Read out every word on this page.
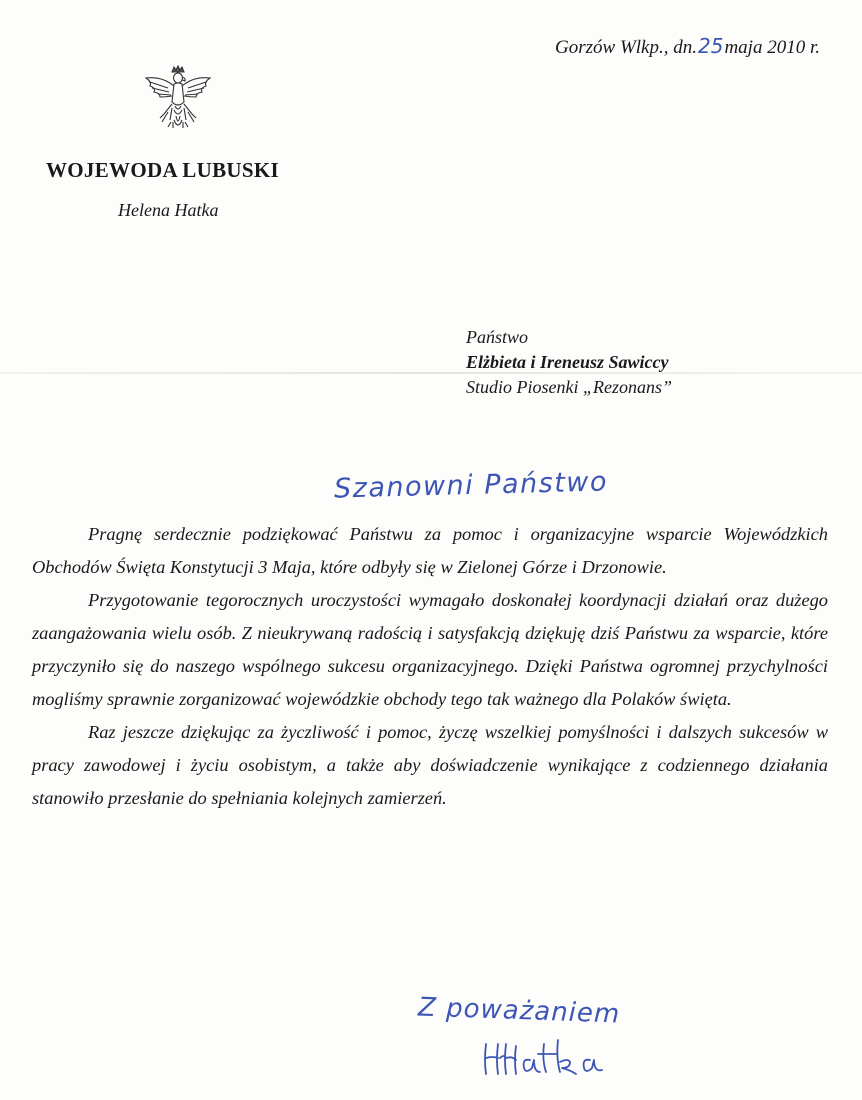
Gorzów Wlkp., dn.25maja 2010 r.
WOJEWODA LUBUSKI
Helena Hatka
Państwo
Elżbieta i Ireneusz Sawiccy
Studio Piosenki „Rezonans”
Szanowni Państwo

Pragnę serdecznie podziękować Państwu za pomoc i organizacyjne wsparcie Wojewódzkich Obchodów Święta Konstytucji 3 Maja, które odbyły się w Zielonej Górze i Drzonowie.

Przygotowanie tegorocznych uroczystości wymagało doskonałej koordynacji działań oraz dużego zaangażowania wielu osób. Z nieukrywaną radością i satysfakcją dziękuję dziś Państwu za wsparcie, które przyczyniło się do naszego wspólnego sukcesu organizacyjnego. Dzięki Państwa ogromnej przychylności mogliśmy sprawnie zorganizować wojewódzkie obchody tego tak ważnego dla Polaków święta.

Raz jeszcze dziękując za życzliwość i pomoc, życzę wszelkiej pomyślności i dalszych sukcesów w pracy zawodowej i życiu osobistym, a także aby doświadczenie wynikające z codziennego działania stanowiło przesłanie do spełniania kolejnych zamierzeń.

Z poważaniem
